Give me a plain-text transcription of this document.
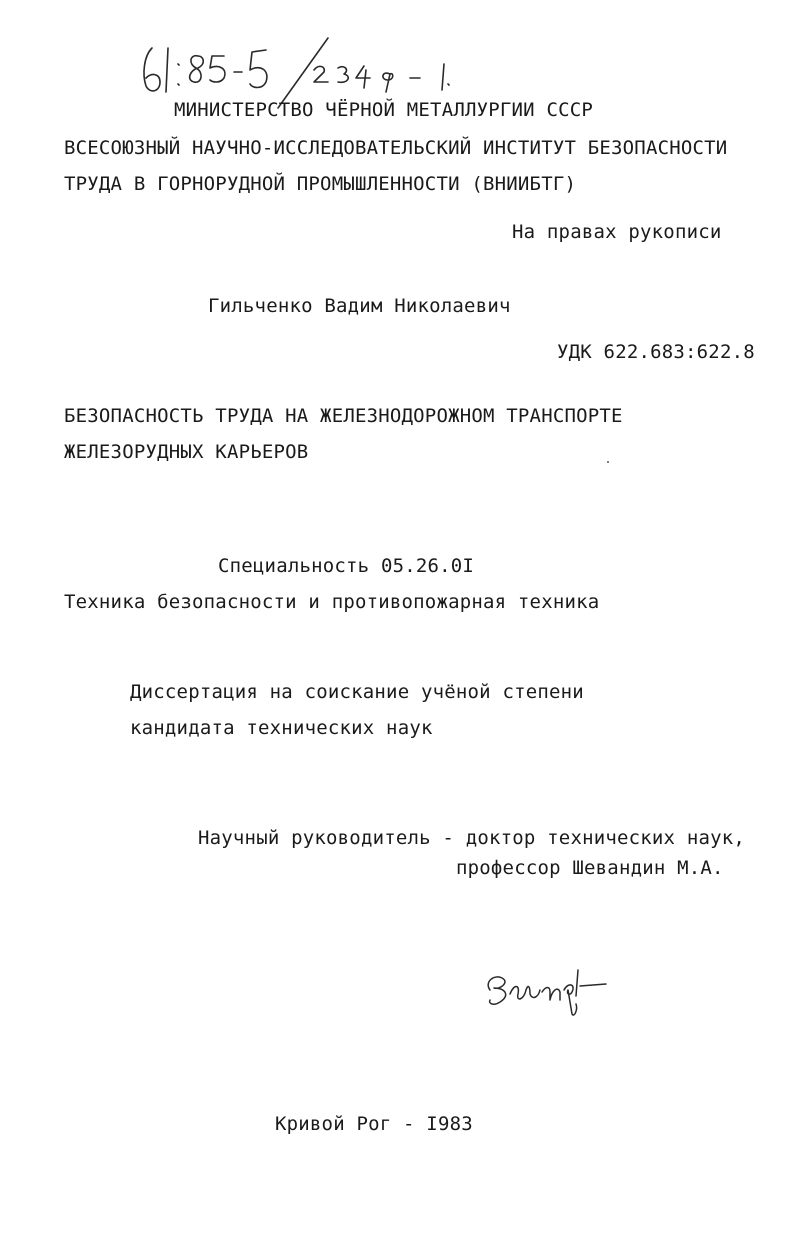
МИНИСТЕРСТВО ЧЁРНОЙ МЕТАЛЛУРГИИ СССР
ВСЕСОЮЗНЫЙ НАУЧНО-ИССЛЕДОВАТЕЛЬСКИЙ ИНСТИТУТ БЕЗОПАСНОСТИ
ТРУДА В ГОРНОРУДНОЙ ПРОМЫШЛЕННОСТИ (ВНИИБТГ)
На правах рукописи
Гильченко Вадим Николаевич
УДК 622.683:622.8
БЕЗОПАСНОСТЬ ТРУДА НА ЖЕЛЕЗНОДОРОЖНОМ ТРАНСПОРТЕ
ЖЕЛЕЗОРУДНЫХ КАРЬЕРОВ
Специальность 05.26.0I
Техника безопасности и противопожарная техника
Диссертация на соискание учёной степени
кандидата технических наук
Научный руководитель - доктор технических наук,
профессор Шевандин М.А.
Кривой Рог - I983
